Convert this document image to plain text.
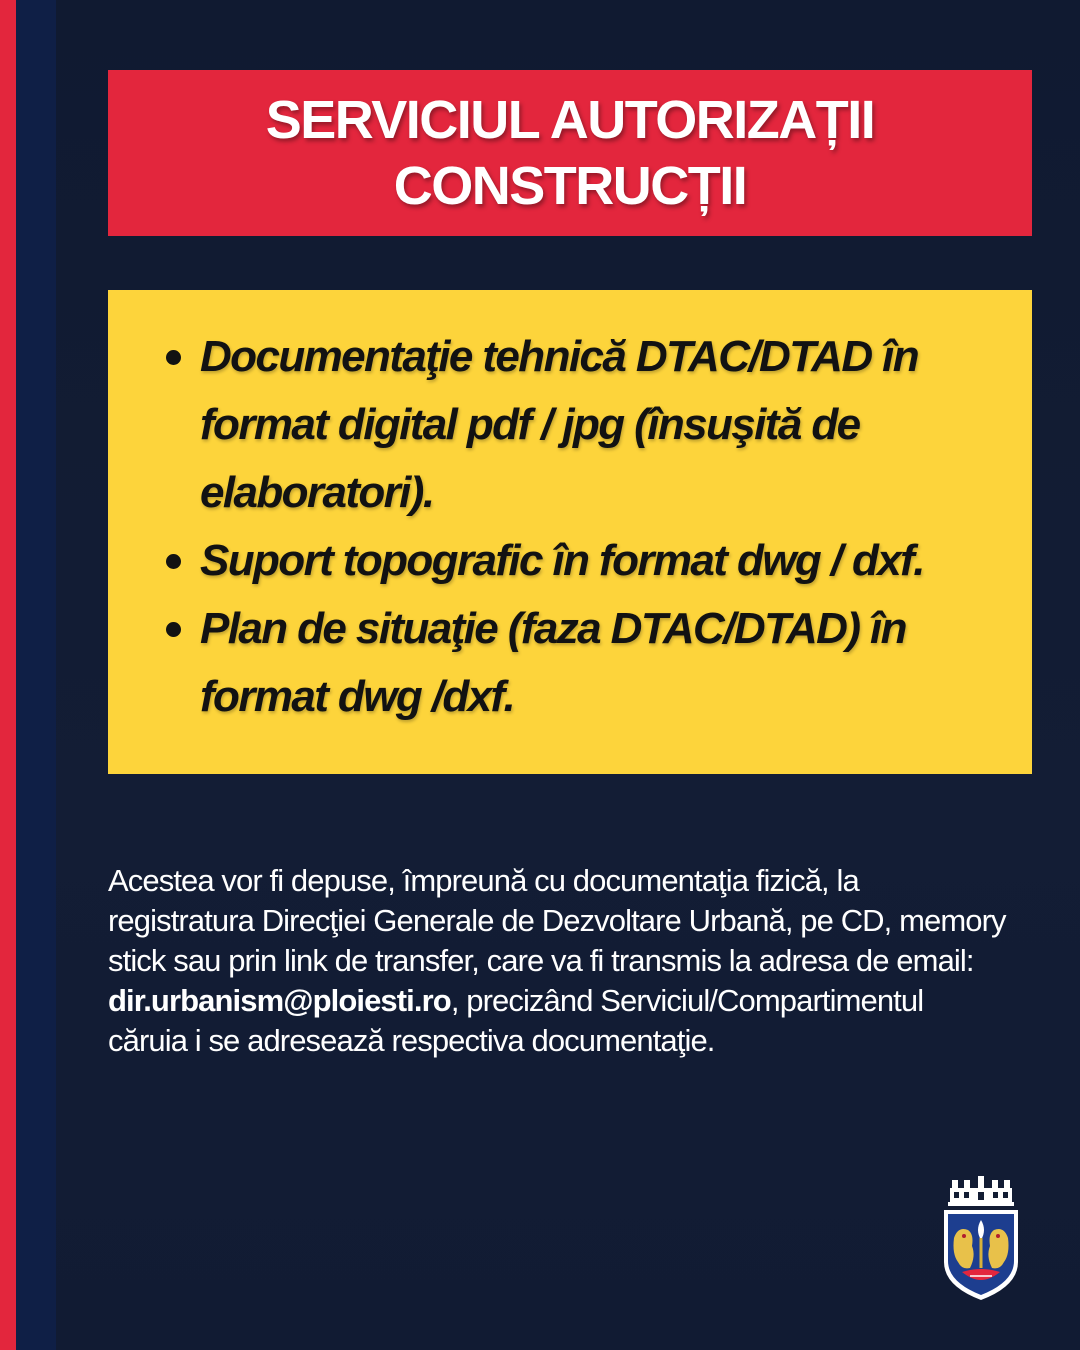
SERVICIUL AUTORIZAȚII
CONSTRUCȚII
Documentaţie tehnică DTAC/DTAD în
format digital pdf / jpg (însuşită de
elaboratori).
Suport topografic în format dwg / dxf.
Plan de situaţie (faza DTAC/DTAD) în
format dwg /dxf.

Acestea vor fi depuse, împreună cu documentaţia fizică, la registratura Direcţiei Generale de Dezvoltare Urbană, pe CD, memory stick sau prin link de transfer, care va fi transmis la adresa de email: dir.urbanism@ploiesti.ro, precizând Serviciul/Compartimentul căruia i se adresează respectiva documentaţie.
